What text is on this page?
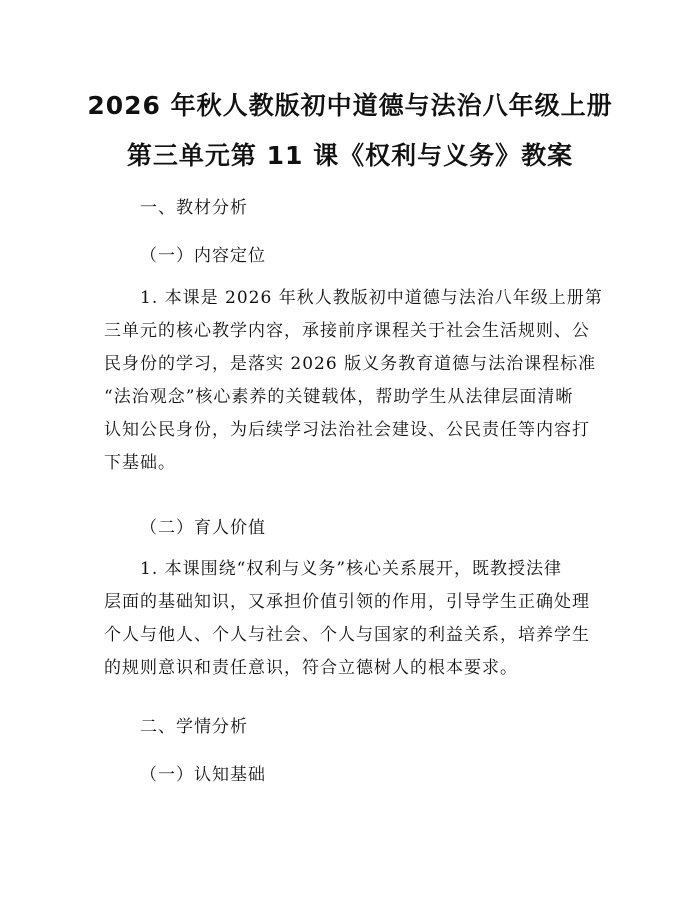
2026 年秋人教版初中道德与法治八年级上册
第三单元第 11 课《权利与义务》教案
一、教材分析
（一）内容定位
1. 本课是 2026 年秋人教版初中道德与法治八年级上册第
三单元的核心教学内容，承接前序课程关于社会生活规则、公
民身份的学习，是落实 2026 版义务教育道德与法治课程标准
“法治观念”核心素养的关键载体，帮助学生从法律层面清晰
认知公民身份，为后续学习法治社会建设、公民责任等内容打
下基础。
（二）育人价值
1. 本课围绕“权利与义务”核心关系展开，既教授法律
层面的基础知识，又承担价值引领的作用，引导学生正确处理
个人与他人、个人与社会、个人与国家的利益关系，培养学生
的规则意识和责任意识，符合立德树人的根本要求。
二、学情分析
（一）认知基础
